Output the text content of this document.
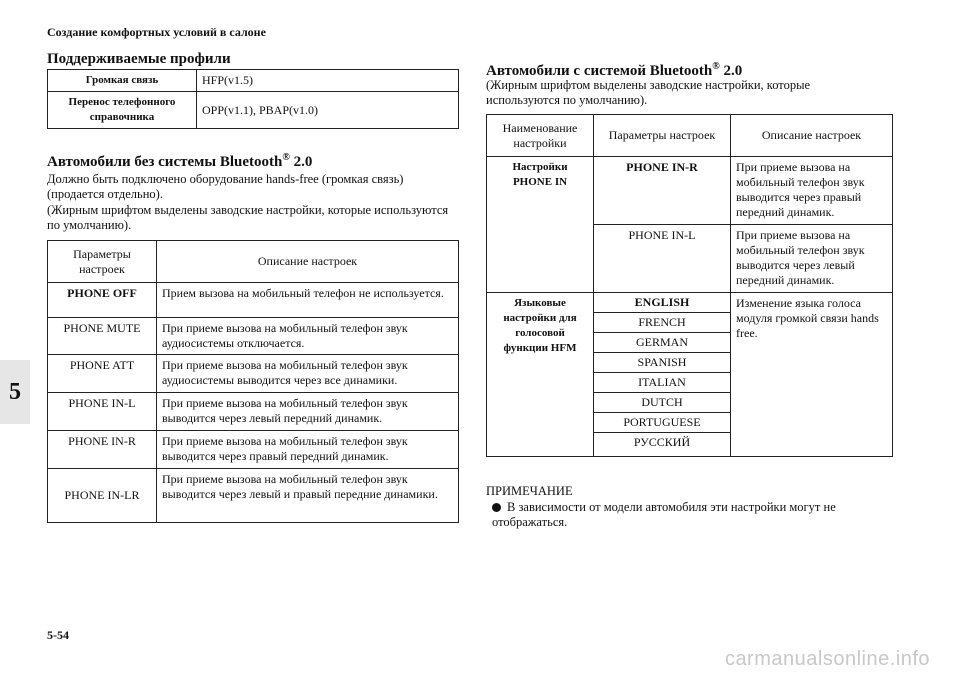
Создание комфортных условий в салоне
5
Поддерживаемые профили
Громкая связь	HFP(v1.5)
Перенос телефонного справочника	OPP(v1.1), PBAP(v1.0)
Автомобили без системы Bluetooth® 2.0
Должно быть подключено оборудование hands-free (громкая связь) (продается отдельно).
(Жирным шрифтом выделены заводские настройки, которые используются по умолчанию).
Параметры настроек	Описание настроек
PHONE OFF	Прием вызова на мобильный телефон не используется.
PHONE MUTE	При приеме вызова на мобильный телефон звук аудиосистемы отключается.
PHONE ATT	При приеме вызова на мобильный телефон звук аудиосистемы выводится через все динамики.
PHONE IN-L	При приеме вызова на мобильный телефон звук выводится через левый передний динамик.
PHONE IN-R	При приеме вызова на мобильный телефон звук выводится через правый передний динамик.
PHONE IN-LR	При приеме вызова на мобильный телефон звук выводится через левый и правый передние динамики.
Автомобили с системой Bluetooth® 2.0
(Жирным шрифтом выделены заводские настройки, которые используются по умолчанию).
Наименование настройки	Параметры настроек	Описание настроек
Настройки PHONE IN	PHONE IN-R	При приеме вызова на мобильный телефон звук выводится через правый передний динамик.
	PHONE IN-L	При приеме вызова на мобильный телефон звук выводится через левый передний динамик.
Языковые настройки для голосовой функции HFM	ENGLISH	Изменение языка голоса модуля громкой связи hands free.
	FRENCH	
	GERMAN	
	SPANISH	
	ITALIAN	
	DUTCH	
	PORTUGUESE	
	РУССКИЙ	
ПРИМЕЧАНИЕ
В зависимости от модели автомобиля эти настройки могут не отображаться.
5-54
carmanualsonline.info
